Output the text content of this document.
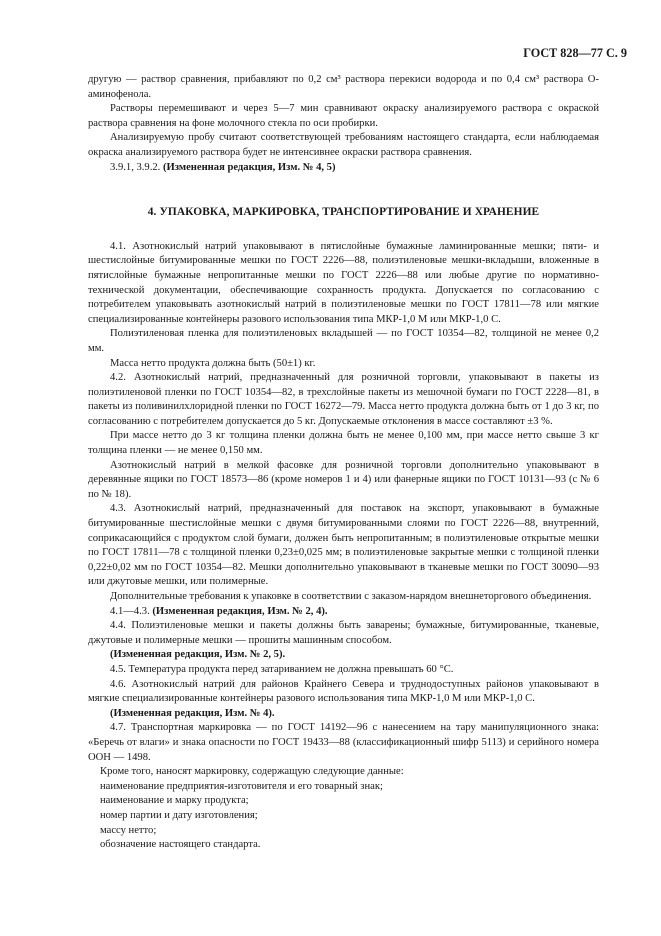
ГОСТ 828—77 С. 9

другую — раствор сравнения, прибавляют по 0,2 см³ раствора перекиси водорода и по 0,4 см³ раствора О-аминофенола.

Растворы перемешивают и через 5—7 мин сравнивают окраску анализируемого раствора с окраской раствора сравнения на фоне молочного стекла по оси пробирки.

Анализируемую пробу считают соответствующей требованиям настоящего стандарта, если наблюдаемая окраска анализируемого раствора будет не интенсивнее окраски раствора сравнения.

3.9.1, 3.9.2. (Измененная редакция, Изм. № 4, 5)

4. УПАКОВКА, МАРКИРОВКА, ТРАНСПОРТИРОВАНИЕ И ХРАНЕНИЕ

4.1. Азотнокислый натрий упаковывают в пятислойные бумажные ламинированные мешки; пяти- и шестислойные битумированные мешки по ГОСТ 2226—88, полиэтиленовые мешки-вкладыши, вложенные в пятислойные бумажные непропитанные мешки по ГОСТ 2226—88 или любые другие по нормативно-технической документации, обеспечивающие сохранность продукта. Допускается по согласованию с потребителем упаковывать азотнокислый натрий в полиэтиленовые мешки по ГОСТ 17811—78 или мягкие специализированные контейнеры разового использования типа МКР-1,0 М или МКР-1,0 С.

Полиэтиленовая пленка для полиэтиленовых вкладышей — по ГОСТ 10354—82, толщиной не менее 0,2 мм.

Масса нетто продукта должна быть (50±1) кг.

4.2. Азотнокислый натрий, предназначенный для розничной торговли, упаковывают в пакеты из полиэтиленовой пленки по ГОСТ 10354—82, в трехслойные пакеты из мешочной бумаги по ГОСТ 2228—81, в пакеты из поливинилхлоридной пленки по ГОСТ 16272—79. Масса нетто продукта должна быть от 1 до 3 кг, по согласованию с потребителем допускается до 5 кг. Допускаемые отклонения в массе составляют ±3 %.

При массе нетто до 3 кг толщина пленки должна быть не менее 0,100 мм, при массе нетто свыше 3 кг толщина пленки — не менее 0,150 мм.

Азотнокислый натрий в мелкой фасовке для розничной торговли дополнительно упаковывают в деревянные ящики по ГОСТ 18573—86 (кроме номеров 1 и 4) или фанерные ящики по ГОСТ 10131—93 (с № 6 по № 18).

4.3. Азотнокислый натрий, предназначенный для поставок на экспорт, упаковывают в бумажные битумированные шестислойные мешки с двумя битумированными слоями по ГОСТ 2226—88, внутренний, соприкасающийся с продуктом слой бумаги, должен быть непропитанным; в полиэтиленовые открытые мешки по ГОСТ 17811—78 с толщиной пленки 0,23±0,025 мм; в полиэтиленовые закрытые мешки с толщиной пленки 0,22±0,02 мм по ГОСТ 10354—82. Мешки дополнительно упаковывают в тканевые мешки по ГОСТ 30090—93 или джутовые мешки, или полимерные.

Дополнительные требования к упаковке в соответствии с заказом-нарядом внешнеторгового объединения.

4.1—4.3. (Измененная редакция, Изм. № 2, 4).

4.4. Полиэтиленовые мешки и пакеты должны быть заварены; бумажные, битумированные, тканевые, джутовые и полимерные мешки — прошиты машинным способом.

(Измененная редакция, Изм. № 2, 5).

4.5. Температура продукта перед затариванием не должна превышать 60 °С.

4.6. Азотнокислый натрий для районов Крайнего Севера и труднодоступных районов упаковывают в мягкие специализированные контейнеры разового использования типа МКР-1,0 М или МКР-1,0 С.

(Измененная редакция, Изм. № 4).

4.7. Транспортная маркировка — по ГОСТ 14192—96 с нанесением на тару манипуляционного знака: «Беречь от влаги» и знака опасности по ГОСТ 19433—88 (классификационный шифр 5113) и серийного номера ООН — 1498.

Кроме того, наносят маркировку, содержащую следующие данные:

наименование предприятия-изготовителя и его товарный знак;

наименование и марку продукта;

номер партии и дату изготовления;

массу нетто;

обозначение настоящего стандарта.
